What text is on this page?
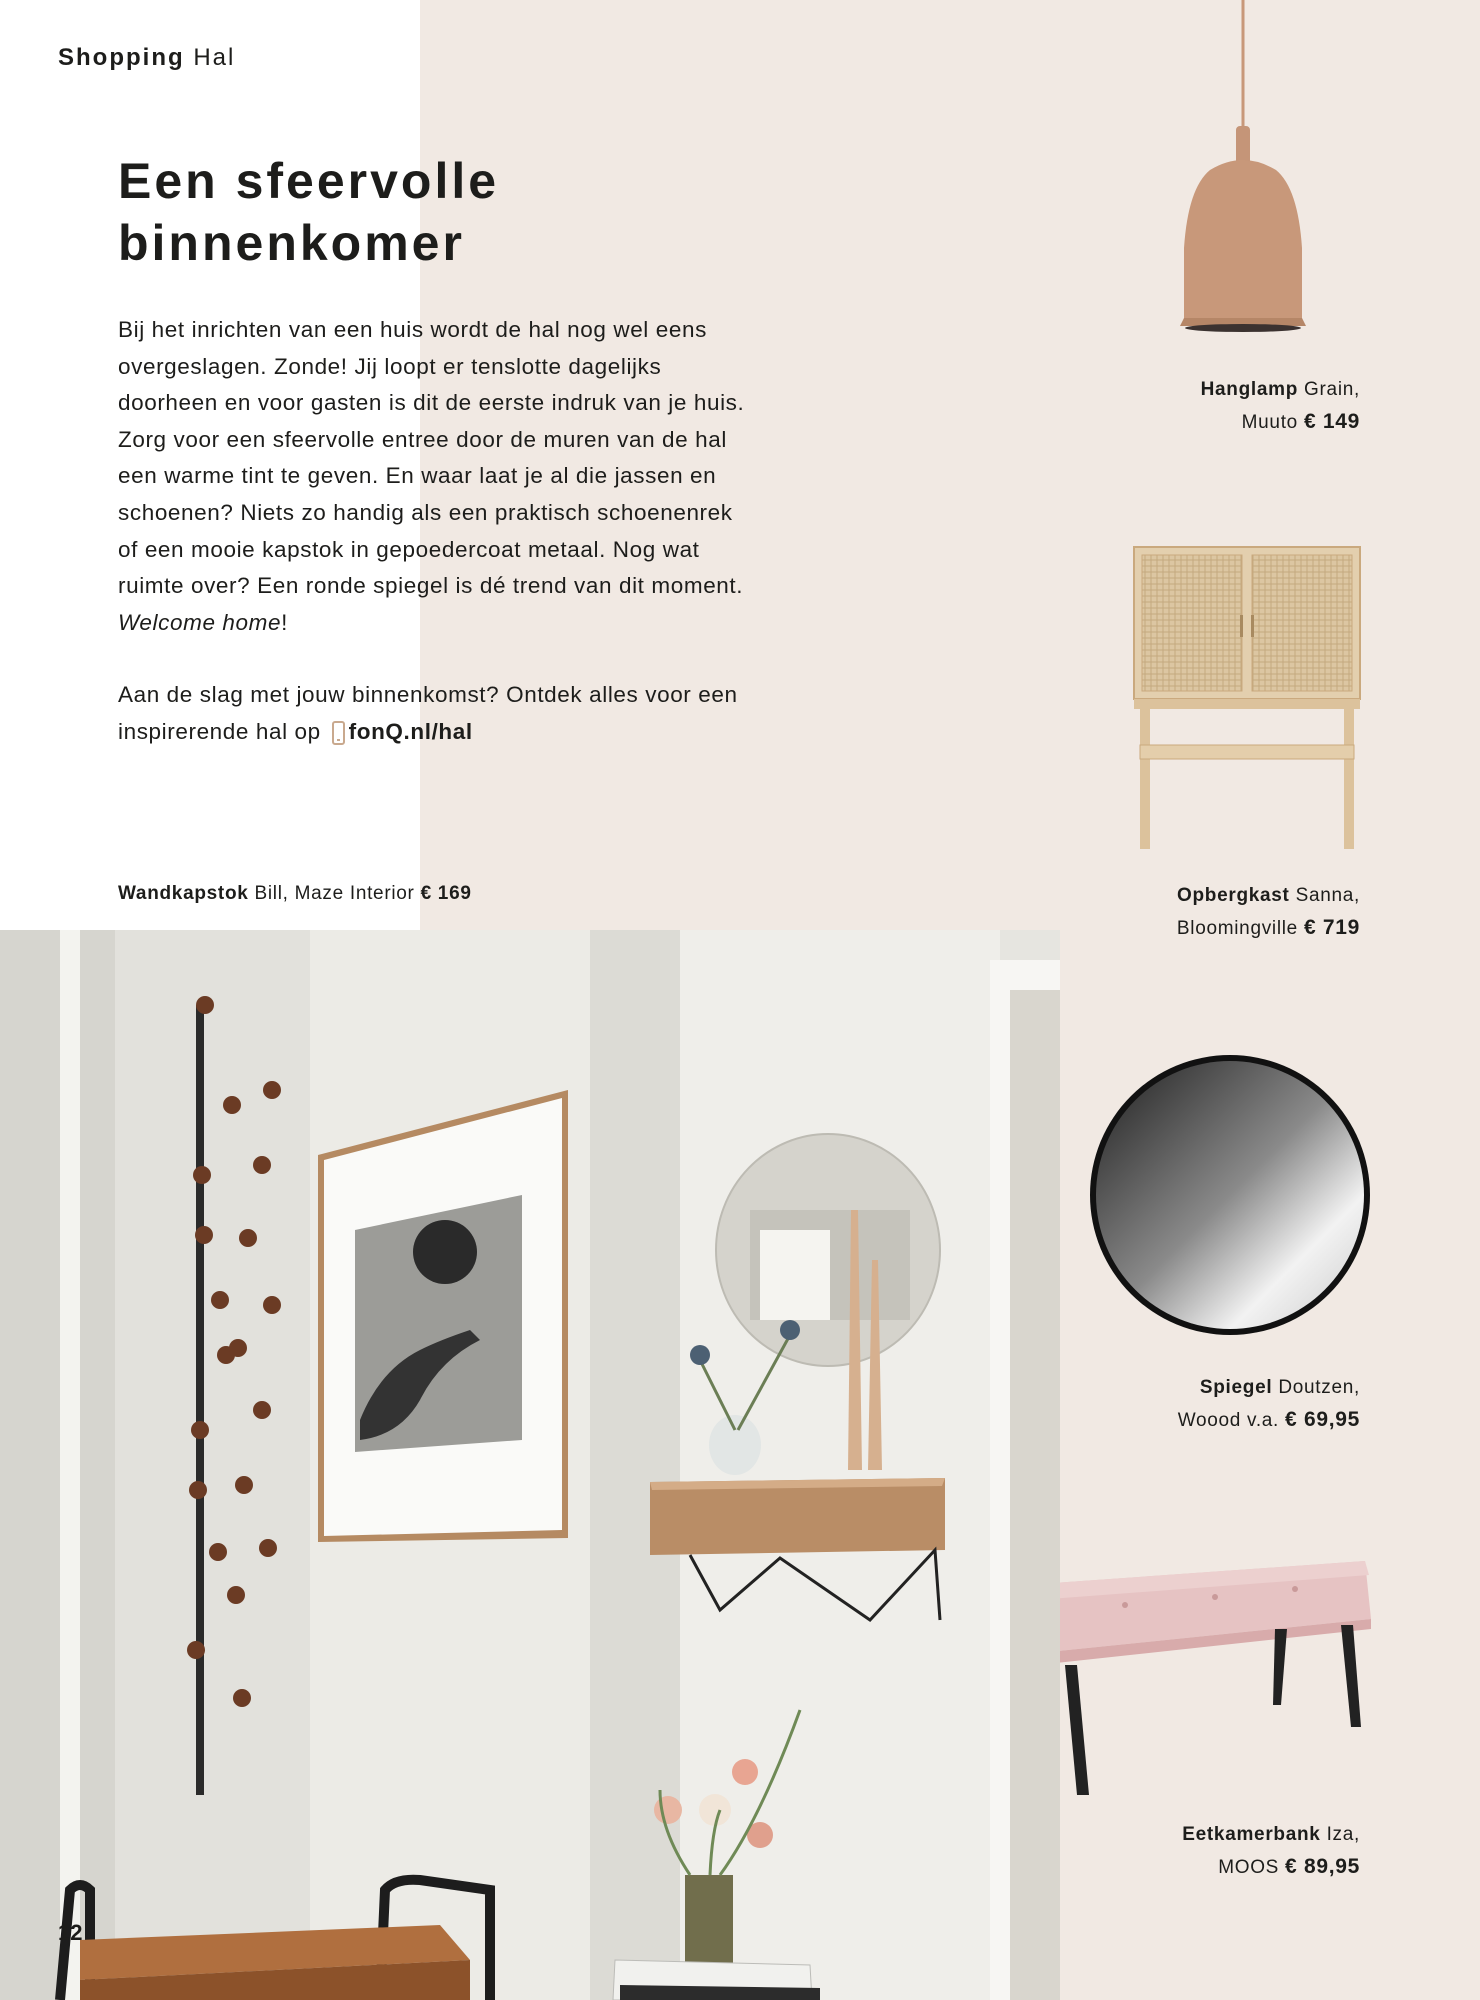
Shopping Hal
Een sfeervolle
binnenkomer

Bij het inrichten van een huis wordt de hal nog wel eens overgeslagen. Zonde! Jij loopt er tenslotte dagelijks doorheen en voor gasten is dit de eerste indruk van je huis. Zorg voor een sfeervolle entree door de muren van de hal een warme tint te geven. En waar laat je al die jassen en schoenen? Niets zo handig als een praktisch schoenenrek of een mooie kapstok in gepoedercoat metaal. Nog wat ruimte over? Een ronde spiegel is dé trend van dit moment. Welcome home!

Aan de slag met jouw binnenkomst? Ontdek alles voor een inspirerende hal op fonQ.nl/hal

Hanglamp Grain,
Muuto € 149
Opbergkast Sanna,
Bloomingville € 719
Spiegel Doutzen,
Woood v.a. € 69,95
Eetkamerbank Iza,
MOOS € 89,95
Wandkapstok Bill, Maze Interior € 169
12
